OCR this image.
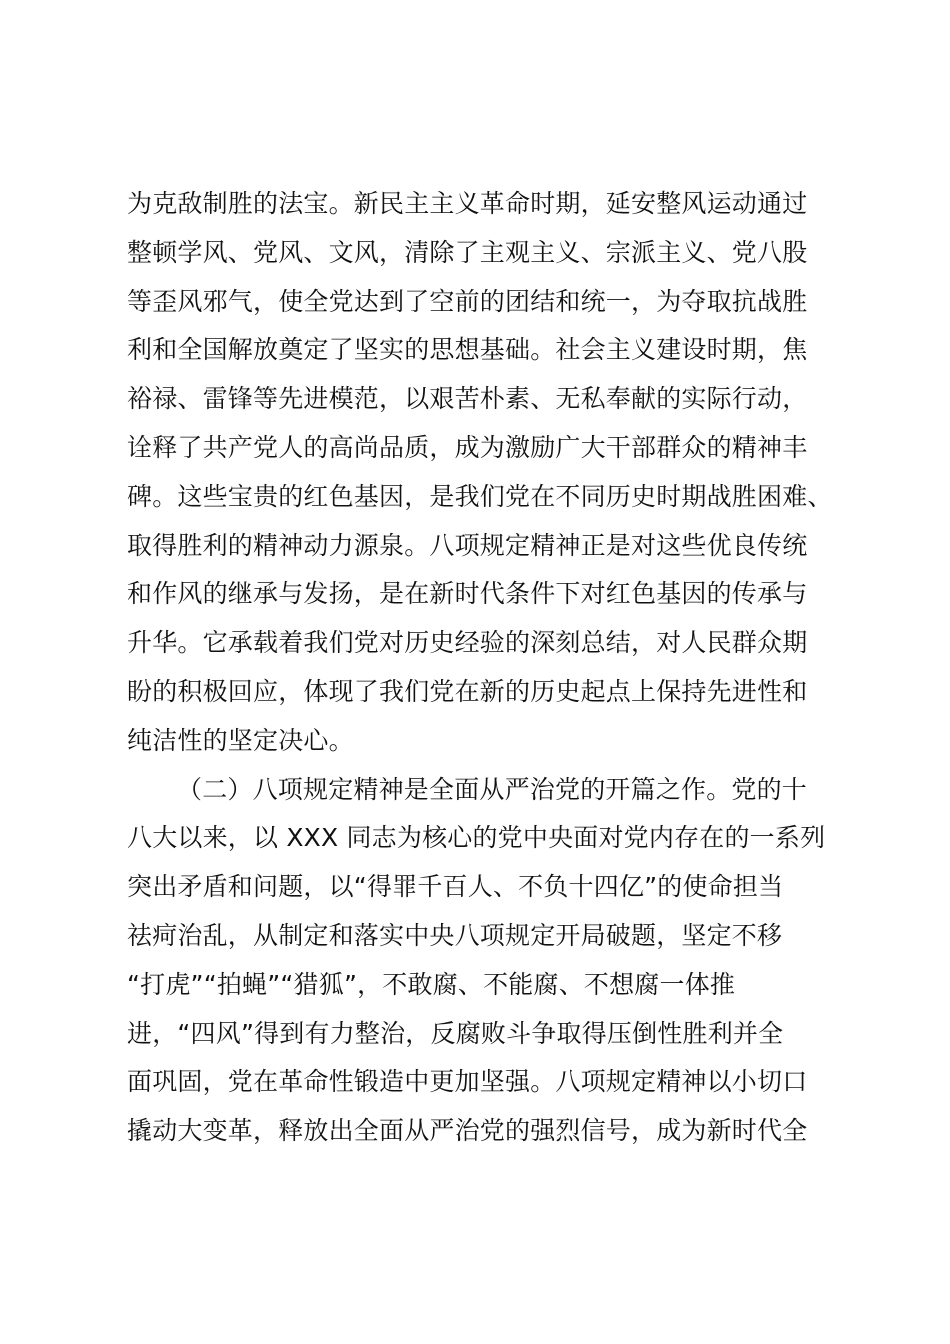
为克敌制胜的法宝。新民主主义革命时期，延安整风运动通过
整顿学风、党风、文风，清除了主观主义、宗派主义、党八股
等歪风邪气，使全党达到了空前的团结和统一，为夺取抗战胜
利和全国解放奠定了坚实的思想基础。社会主义建设时期，焦
裕禄、雷锋等先进模范，以艰苦朴素、无私奉献的实际行动，
诠释了共产党人的高尚品质，成为激励广大干部群众的精神丰
碑。这些宝贵的红色基因，是我们党在不同历史时期战胜困难、
取得胜利的精神动力源泉。八项规定精神正是对这些优良传统
和作风的继承与发扬，是在新时代条件下对红色基因的传承与
升华。它承载着我们党对历史经验的深刻总结，对人民群众期
盼的积极回应，体现了我们党在新的历史起点上保持先进性和
纯洁性的坚定决心。
（二）八项规定精神是全面从严治党的开篇之作。党的十
八大以来，以 XXX 同志为核心的党中央面对党内存在的一系列
突出矛盾和问题，以“得罪千百人、不负十四亿”的使命担当
祛疴治乱，从制定和落实中央八项规定开局破题，坚定不移
“打虎”“拍蝇”“猎狐”，不敢腐、不能腐、不想腐一体推
进，“四风”得到有力整治，反腐败斗争取得压倒性胜利并全
面巩固，党在革命性锻造中更加坚强。八项规定精神以小切口
撬动大变革，释放出全面从严治党的强烈信号，成为新时代全
